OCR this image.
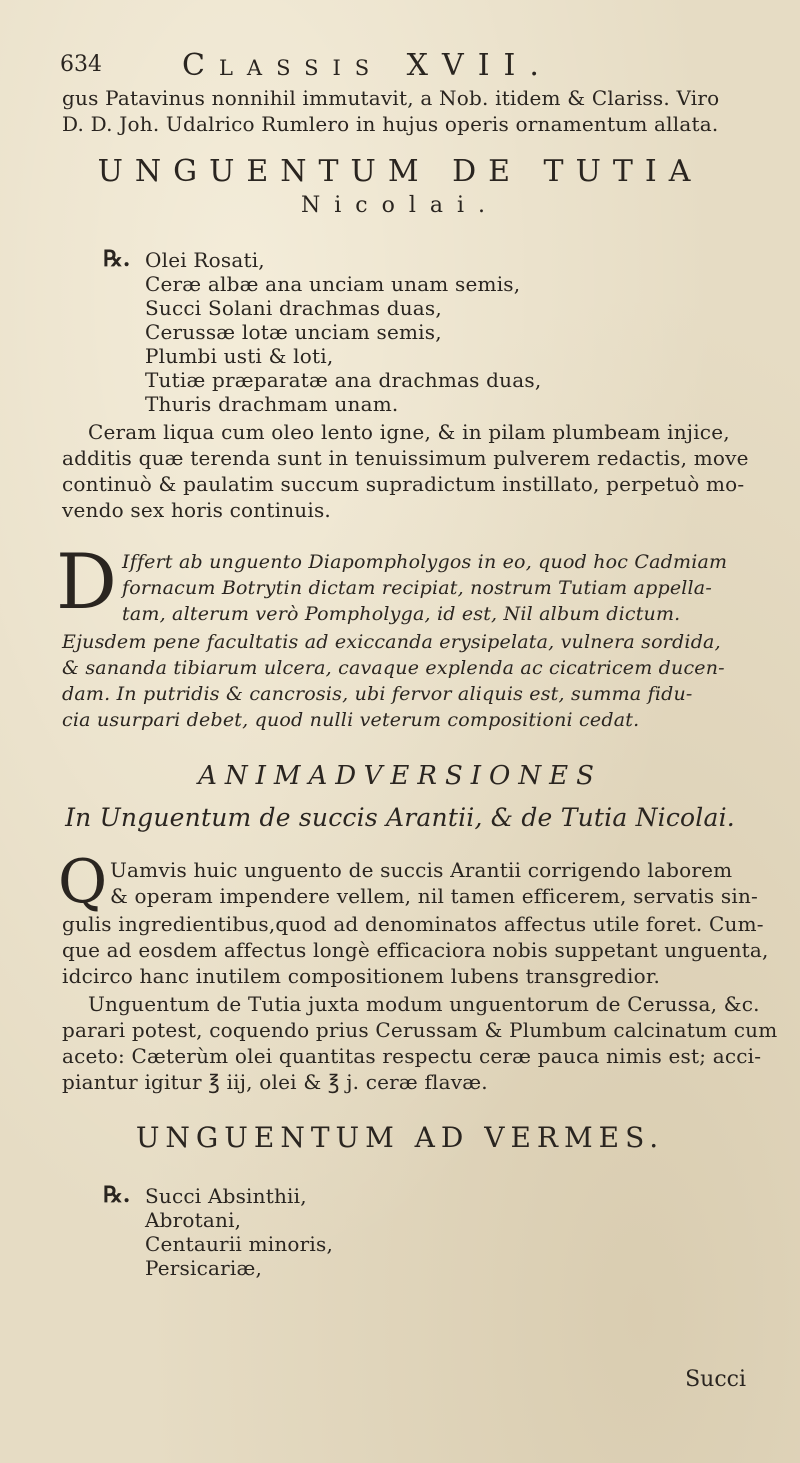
634	Classis XVII.
gus Patavinus nonnihil immutavit, a Nob. itidem & Clariss. Viro
D. D. Joh. Udalrico Rumlero in hujus operis ornamentum allata.
UNGUENTUM DE TUTIA
Nicolai.
℞. Olei Rosati,
Ceræ albæ ana unciam unam semis,
Succi Solani drachmas duas,
Cerussæ lotæ unciam semis,
Plumbi usti & loti,
Tutiæ præparatæ ana drachmas duas,
Thuris drachmam unam.
Ceram liqua cum oleo lento igne, & in pilam plumbeam injice,
additis quæ terenda sunt in tenuissimum pulverem redactis, move
continuò & paulatim succum supradictum instillato, perpetuò mo-
vendo sex horis continuis.
D Iffert ab unguento Diapompholygos in eo, quod hoc Cadmiam
fornacum Botrytin dictam recipiat, nostrum Tutiam appella-
tam, alterum verò Pompholyga, id est, Nil album dictum.
Ejusdem pene facultatis ad exiccanda erysipelata, vulnera sordida,
& sananda tibiarum ulcera, cavaque explenda ac cicatricem ducen-
dam. In putridis & cancrosis, ubi fervor aliquis est, summa fidu-
cia usurpari debet, quod nulli veterum compositioni cedat.
ANIMADVERSIONES
In Unguentum de succis Arantii, & de Tutia Nicolai.
Q Uamvis huic unguento de succis Arantii corrigendo laborem
& operam impendere vellem, nil tamen efficerem, servatis sin-
gulis ingredientibus,quod ad denominatos affectus utile foret. Cum-
que ad eosdem affectus longè efficaciora nobis suppetant unguenta,
idcirco hanc inutilem compositionem lubens transgredior.
Unguentum de Tutia juxta modum unguentorum de Cerussa, &c.
parari potest, coquendo prius Cerussam & Plumbum calcinatum cum
aceto: Cæterùm olei quantitas respectu ceræ pauca nimis est; acci-
piantur igitur ℥ iij, olei & ℥ j. ceræ flavæ.
UNGUENTUM AD VERMES.
℞. Succi Absinthii,
Abrotani,
Centaurii minoris,
Persicariæ,
Succi
